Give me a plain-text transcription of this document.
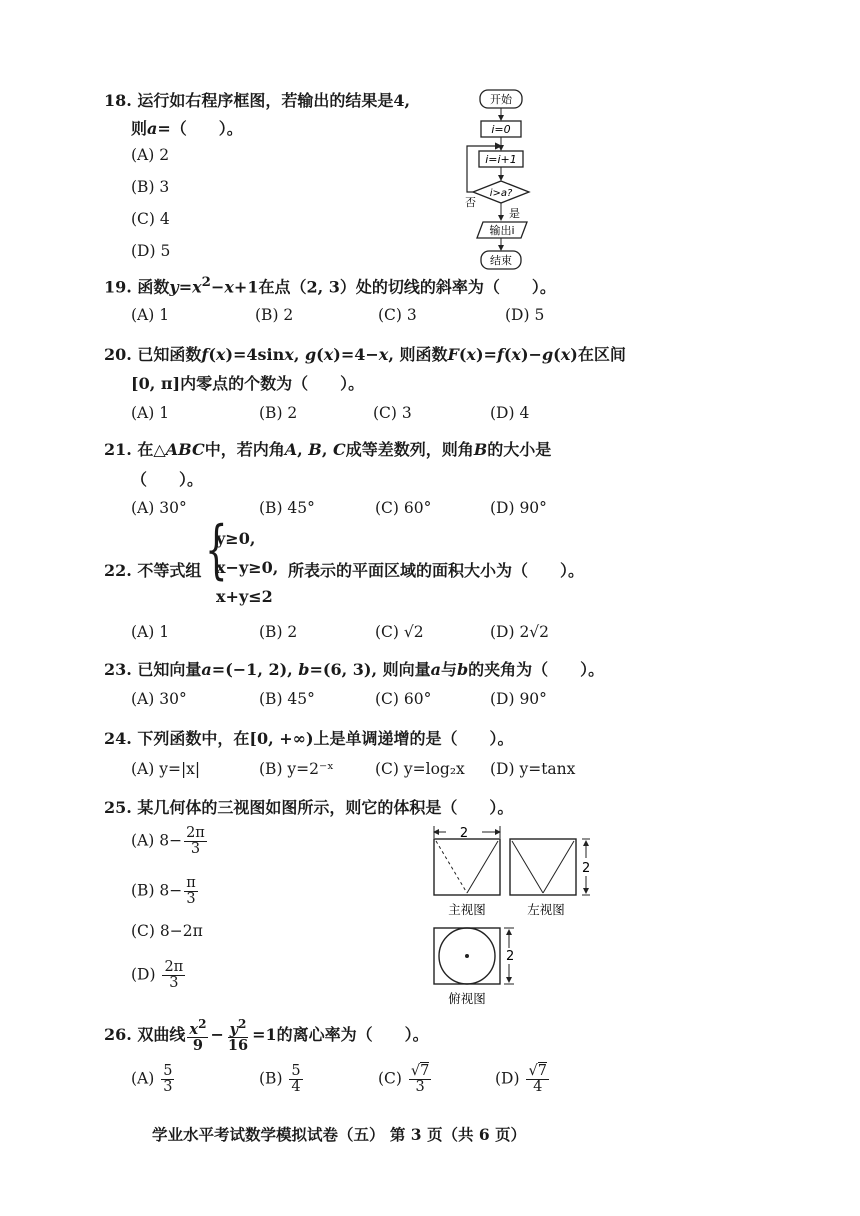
18. 运行如右程序框图，若输出的结果是4,
则a=（　　）。
(A) 2
(B) 3
(C) 4
(D) 5
开始
i=0
i=i+1
i>a?
否
是
输出i
结束
19. 函数$y=x^2-x+1$在点（2, 3）处的切线的斜率为（　　）。
(A) 1	(B) 2	(C) 3	(D) 5
20. 已知函数f(x)=4sinx, g(x)=4−x, 则函数F(x)=f(x)−g(x)在区间
[0, π]内零点的个数为（　　）。
(A) 1	(B) 2	(C) 3	(D) 4
21. 在△ABC中，若内角A, B, C成等差数列，则角B的大小是
（　　）。
(A) 30°	(B) 45°	(C) 60°	(D) 90°
22. 不等式组 {
y≥0,
x−y≥0,
x+y≤2
所表示的平面区域的面积大小为（　　）。
(A) 1	(B) 2	(C) √2	(D) 2√2
23. 已知向量a=(−1, 2), b=(6, 3), 则向量a与b的夹角为（　　）。
(A) 30°	(B) 45°	(C) 60°	(D) 90°
24. 下列函数中，在[0, +∞)上是单调递增的是（　　）。
(A) y=|x|	(B) y=2⁻ˣ	(C) y=log₂x (D) y=tanx
25. 某几何体的三视图如图所示，则它的体积是（　　）。
(A) $8- \frac{2\pi}{3}$
(B) $8- \frac{\pi}{3}$
(C) 8−2π
$(D) \frac{2\pi}{3}$
2
2
主视图	左视图
2
俯视图
26. 双曲线 $\frac{x^2}{9} - \frac{y^2}{16} =1$的离心率为（　　）。
$(A) \frac{5}{3}$	$(B) \frac{5}{4}$	$(C) \frac{√7}{3}$	$(D) \frac{√7}{4}$
学业水平考试数学模拟试卷（五） 第 3 页（共 6 页）
